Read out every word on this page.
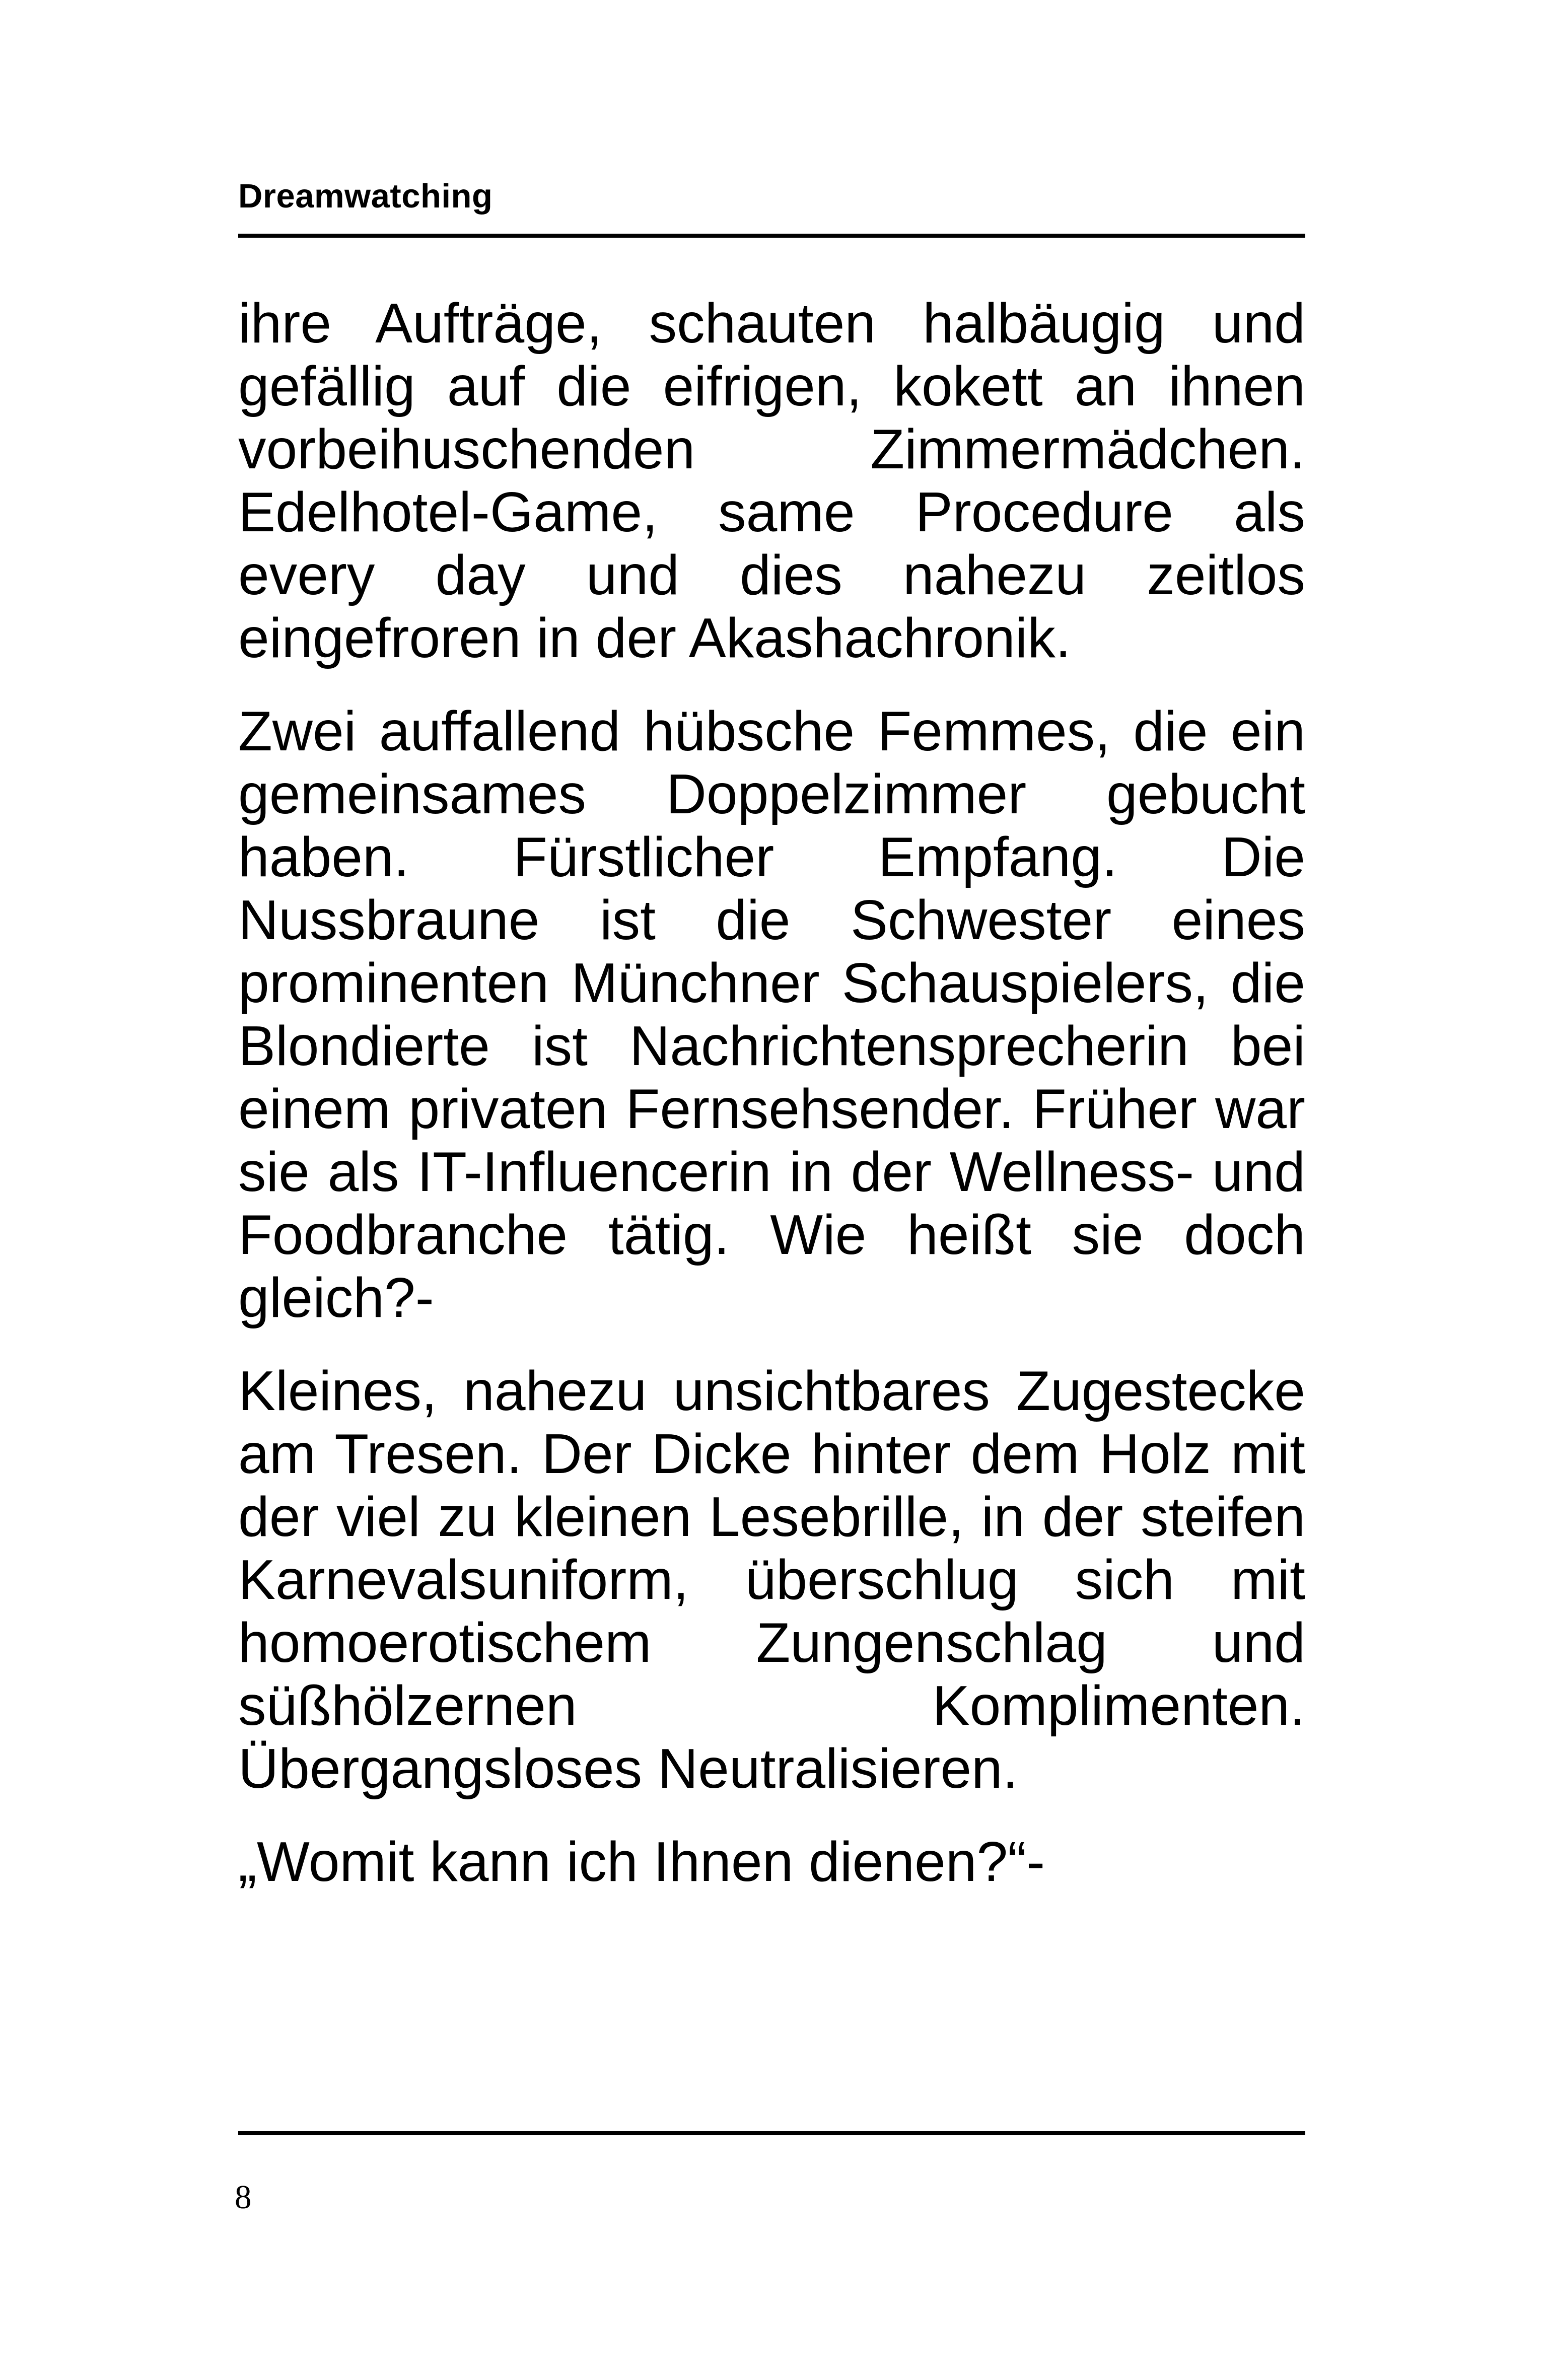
Dreamwatching

ihre Aufträge, schauten halbäugig und gefällig auf die eifrigen, kokett an ihnen vorbeihuschenden Zimmermädchen. Edelhotel-Game, same Procedure als every day und dies nahezu zeitlos eingefroren in der Akashachronik.

Zwei auffallend hübsche Femmes, die ein gemeinsames Doppelzimmer gebucht haben. Fürstlicher Empfang. Die Nussbraune ist die Schwester eines prominenten Münchner Schauspielers, die Blondierte ist Nachrichtensprecherin bei einem privaten Fernsehsender. Früher war sie als IT-Influencerin in der Wellness- und Foodbranche tätig. Wie heißt sie doch gleich?-

Kleines, nahezu unsichtbares Zugestecke am Tresen. Der Dicke hinter dem Holz mit der viel zu kleinen Lesebrille, in der steifen Karnevalsuniform, überschlug sich mit homoerotischem Zungenschlag und süßhölzernen Komplimenten. Übergangsloses Neutralisieren.

„Womit kann ich Ihnen dienen?“-

8
